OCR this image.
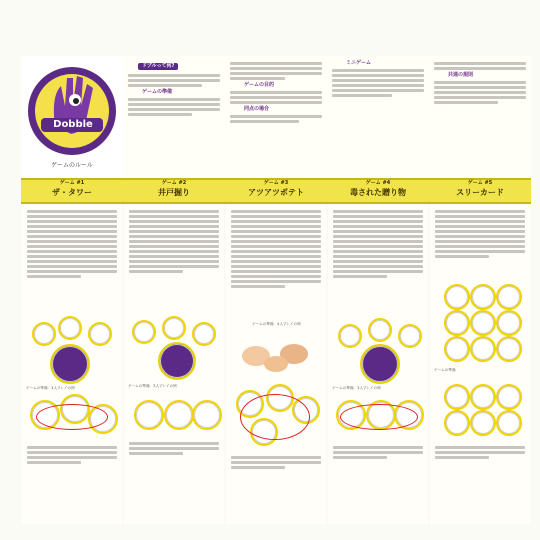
Dobble
ゲームのルール
ドブルって何?
ゲームの準備
ゲームの目的
同点の場合
ミニゲーム
共通の規則
ゲーム #1
ザ・タワー
ゲーム #2
井戸掘り
ゲーム #3
アツアツポテト
ゲーム #4
毒された贈り物
ゲーム #5
スリーカード
ゲームの準備：3人プレイの例	ゲームの準備：3人プレイの例
ゲームの準備：4人プレイの例
ゲームの準備：3人プレイの例
ゲームの準備
